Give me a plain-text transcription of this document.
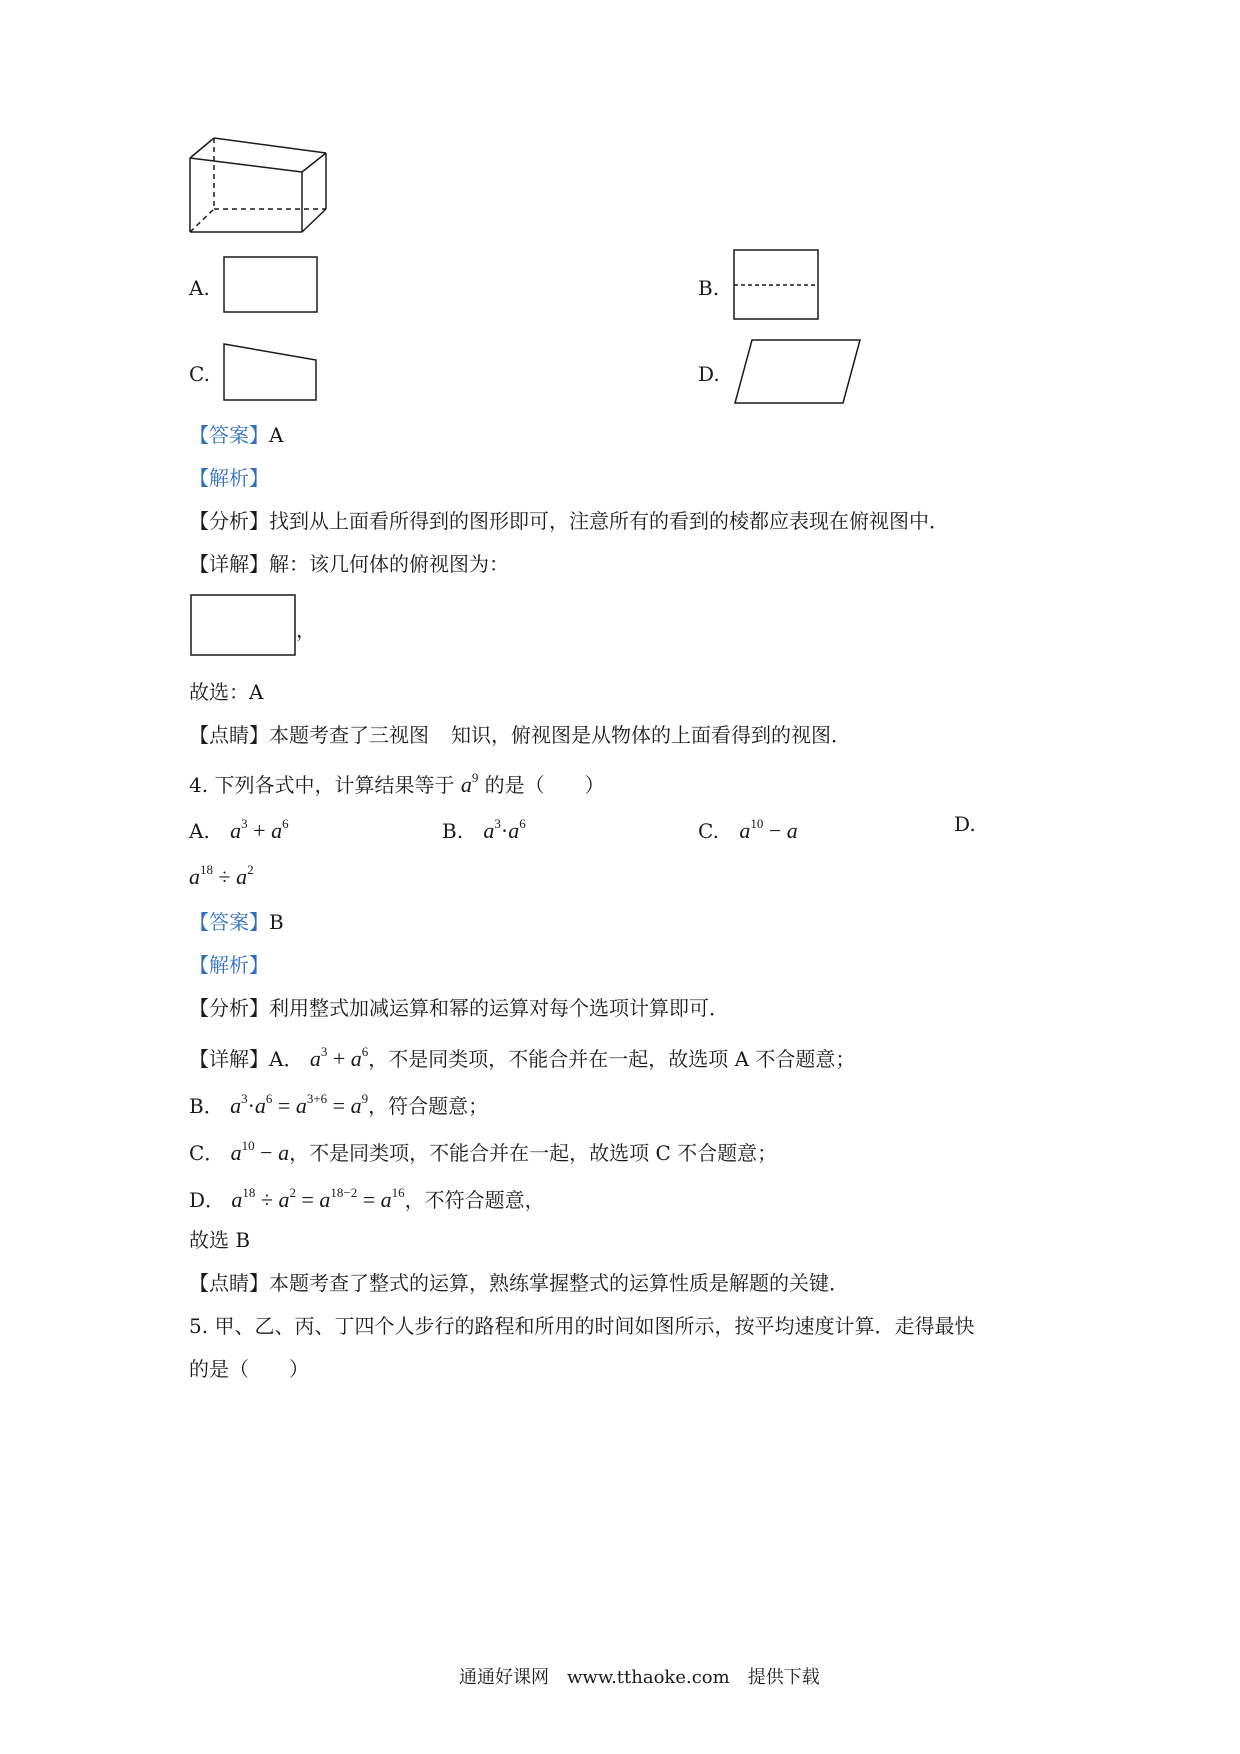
A.	B.
C.	D.
【答案】A
【解析】
【分析】找到从上面看所得到的图形即可，注意所有的看到的棱都应表现在俯视图中．
【详解】解：该几何体的俯视图为：
，
故选：A
【点睛】本题考查了三视图 知识，俯视图是从物体的上面看得到的视图．
4. 下列各式中，计算结果等于 $a^9$ 的是（　　）
A. $a^3 + a^6$	B. $a^3\cdot a^6$	C. $a^{10} - a$	D.
$a^{18} \div a^2$
【答案】B
【解析】
【分析】利用整式加减运算和幂的运算对每个选项计算即可．
【详解】A． $a^3 + a^6$，不是同类项，不能合并在一起，故选项 A 不合题意；
B． $a^3\cdot a^6 = a^{3+6} = a^9$，符合题意；
C． $a^{10} - a$，不是同类项，不能合并在一起，故选项 C 不合题意；
D． $a^{18} \div a^2 = a^{18-2} = a^{16}$，不符合题意，
故选 B
【点睛】本题考查了整式的运算，熟练掌握整式的运算性质是解题的关键．
5. 甲、乙、丙、丁四个人步行的路程和所用的时间如图所示，按平均速度计算．走得最快
的是（　　）
通通好课网　www.tthaoke.com　提供下载
